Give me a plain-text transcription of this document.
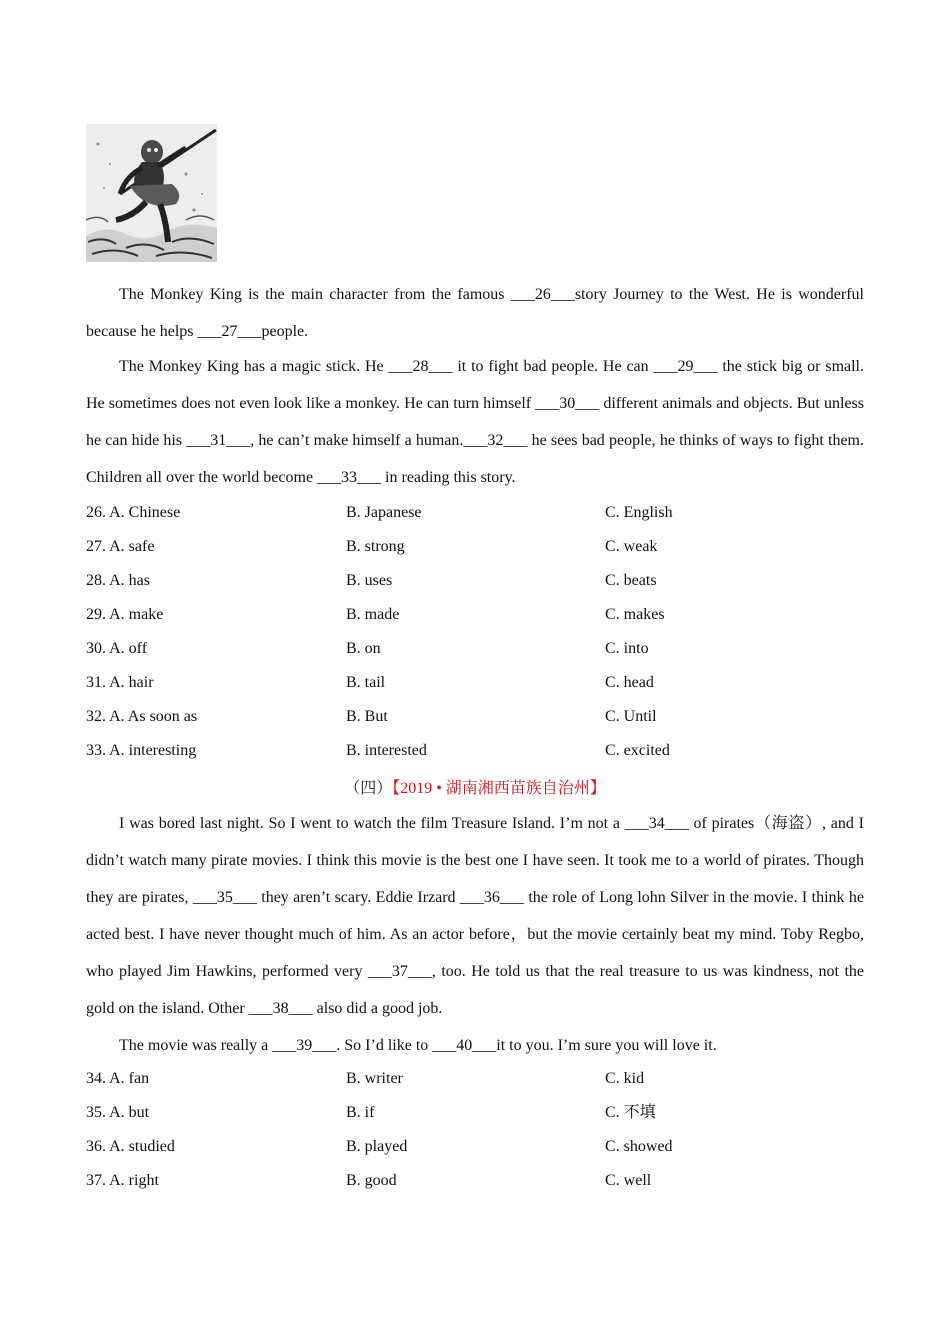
The Monkey King is the main character from the famous ___26___story Journey to the West. He is wonderful because he helps ___27___people.
The Monkey King has a magic stick. He ___28___ it to fight bad people. He can ___29___ the stick big or small. He sometimes does not even look like a monkey. He can turn himself ___30___ different animals and objects. But unless he can hide his ___31___, he can’t make himself a human.___32___ he sees bad people, he thinks of ways to fight them. Children all over the world become ___33___ in reading this story.
26. A. Chinese	B. Japanese	C. English
27. A. safe	B. strong	C. weak
28. A. has	B. uses	C. beats
29. A. make	B. made	C. makes
30. A. off	B. on	C. into
31. A. hair	B. tail	C. head
32. A. As soon as	B. But	C. Until
33. A. interesting	B. interested	C. excited
（四）【2019 • 湖南湘西苗族自治州】
I was bored last night. So I went to watch the film Treasure Island. I’m not a ___34___ of pirates（海盗）, and I didn’t watch many pirate movies. I think this movie is the best one I have seen. It took me to a world of pirates. Though they are pirates, ___35___ they aren’t scary. Eddie Irzard ___36___ the role of Long lohn Silver in the movie. I think he acted best. I have never thought much of him. As an actor before，but the movie certainly beat my mind. Toby Regbo, who played Jim Hawkins, performed very ___37___, too. He told us that the real treasure to us was kindness, not the gold on the island. Other ___38___ also did a good job.
The movie was really a ___39___. So I’d like to ___40___it to you. I’m sure you will love it.
34. A. fan	B. writer	C. kid
35. A. but	B. if	C. 不填
36. A. studied	B. played	C. showed
37. A. right	B. good	C. well
